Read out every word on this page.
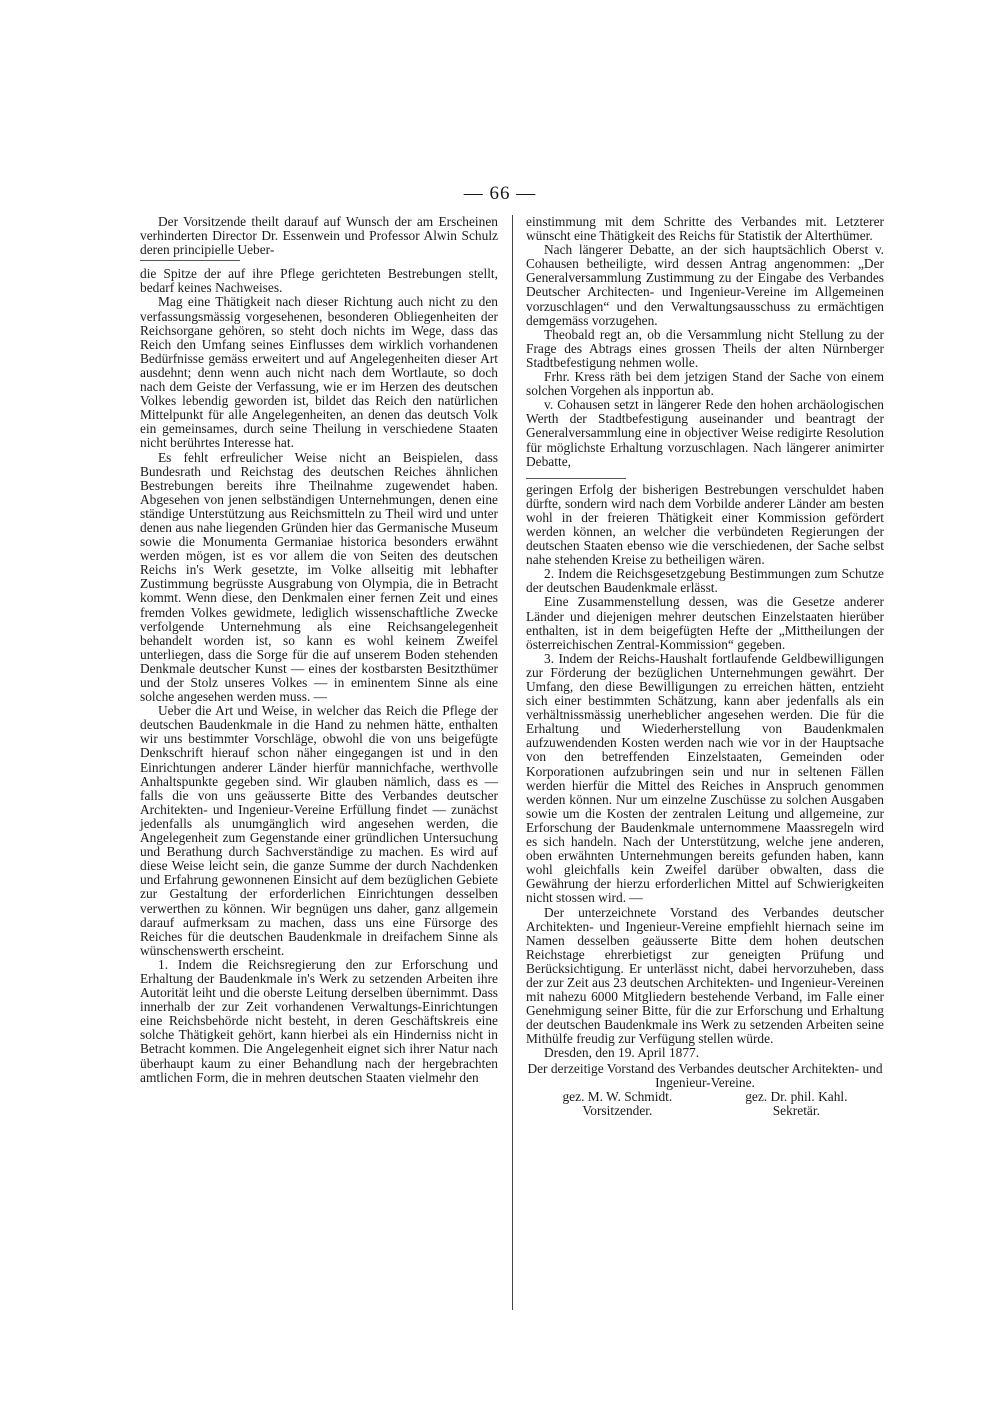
— 66 —

Der Vorsitzende theilt darauf auf Wunsch der am Erscheinen verhinderten Director Dr. Essenwein und Professor Alwin Schulz deren principielle Ueber-

die Spitze der auf ihre Pflege gerichteten Bestrebungen stellt, bedarf keines Nachweises.

Mag eine Thätigkeit nach dieser Richtung auch nicht zu den verfassungsmässig vorgesehenen, besonderen Obliegenheiten der Reichsorgane gehören, so steht doch nichts im Wege, dass das Reich den Umfang seines Einflusses dem wirklich vorhandenen Bedürfnisse gemäss erweitert und auf Angelegenheiten dieser Art ausdehnt; denn wenn auch nicht nach dem Wortlaute, so doch nach dem Geiste der Verfassung, wie er im Herzen des deutschen Volkes lebendig geworden ist, bildet das Reich den natürlichen Mittelpunkt für alle Angelegenheiten, an denen das deutsch Volk ein gemeinsames, durch seine Theilung in verschiedene Staaten nicht berührtes Interesse hat.

Es fehlt erfreulicher Weise nicht an Beispielen, dass Bundesrath und Reichstag des deutschen Reiches ähnlichen Bestrebungen bereits ihre Theilnahme zugewendet haben. Abgesehen von jenen selbständigen Unternehmungen, denen eine ständige Unterstützung aus Reichsmitteln zu Theil wird und unter denen aus nahe liegenden Gründen hier das Germanische Museum sowie die Monumenta Germaniae historica besonders erwähnt werden mögen, ist es vor allem die von Seiten des deutschen Reichs in's Werk gesetzte, im Volke allseitig mit lebhafter Zustimmung begrüsste Ausgrabung von Olympia, die in Betracht kommt. Wenn diese, den Denkmalen einer fernen Zeit und eines fremden Volkes gewidmete, lediglich wissenschaftliche Zwecke verfolgende Unternehmung als eine Reichsangelegenheit behandelt worden ist, so kann es wohl keinem Zweifel unterliegen, dass die Sorge für die auf unserem Boden stehenden Denkmale deutscher Kunst — eines der kostbarsten Besitzthümer und der Stolz unseres Volkes — in eminentem Sinne als eine solche angesehen werden muss. —

Ueber die Art und Weise, in welcher das Reich die Pflege der deutschen Baudenkmale in die Hand zu nehmen hätte, enthalten wir uns bestimmter Vorschläge, obwohl die von uns beigefügte Denkschrift hierauf schon näher eingegangen ist und in den Einrichtungen anderer Länder hierfür mannichfache, werthvolle Anhaltspunkte gegeben sind. Wir glauben nämlich, dass es — falls die von uns geäusserte Bitte des Verbandes deutscher Architekten- und Ingenieur-Vereine Erfüllung findet — zunächst jedenfalls als unumgänglich wird angesehen werden, die Angelegenheit zum Gegenstande einer gründlichen Untersuchung und Berathung durch Sachverständige zu machen. Es wird auf diese Weise leicht sein, die ganze Summe der durch Nachdenken und Erfahrung gewonnenen Einsicht auf dem bezüglichen Gebiete zur Gestaltung der erforderlichen Einrichtungen desselben verwerthen zu können. Wir begnügen uns daher, ganz allgemein darauf aufmerksam zu machen, dass uns eine Fürsorge des Reiches für die deutschen Baudenkmale in dreifachem Sinne als wünschenswerth erscheint.

1. Indem die Reichsregierung den zur Erforschung und Erhaltung der Baudenkmale in's Werk zu setzenden Arbeiten ihre Autorität leiht und die oberste Leitung derselben übernimmt. Dass innerhalb der zur Zeit vorhandenen Verwaltungs-Einrichtungen eine Reichsbehörde nicht besteht, in deren Geschäftskreis eine solche Thätigkeit gehört, kann hierbei als ein Hinderniss nicht in Betracht kommen. Die Angelegenheit eignet sich ihrer Natur nach überhaupt kaum zu einer Behandlung nach der hergebrachten amtlichen Form, die in mehren deutschen Staaten vielmehr den

einstimmung mit dem Schritte des Verbandes mit. Letzterer wünscht eine Thätigkeit des Reichs für Statistik der Alterthümer.

Nach längerer Debatte, an der sich hauptsächlich Oberst v. Cohausen betheiligte, wird dessen Antrag angenommen: „Der Generalversammlung Zustimmung zu der Eingabe des Verbandes Deutscher Architecten- und Ingenieur-Vereine im Allgemeinen vorzuschlagen“ und den Verwaltungsausschuss zu ermächtigen demgemäss vorzugehen.

Theobald regt an, ob die Versammlung nicht Stellung zu der Frage des Abtrags eines grossen Theils der alten Nürnberger Stadtbefestigung nehmen wolle.

Frhr. Kress räth bei dem jetzigen Stand der Sache von einem solchen Vorgehen als inpportun ab.

v. Cohausen setzt in längerer Rede den hohen archäologischen Werth der Stadtbefestigung auseinander und beantragt der Generalversammlung eine in objectiver Weise redigirte Resolution für möglichste Erhaltung vorzuschlagen. Nach längerer animirter Debatte,

geringen Erfolg der bisherigen Bestrebungen verschuldet haben dürfte, sondern wird nach dem Vorbilde anderer Länder am besten wohl in der freieren Thätigkeit einer Kommission gefördert werden können, an welcher die verbündeten Regierungen der deutschen Staaten ebenso wie die verschiedenen, der Sache selbst nahe stehenden Kreise zu betheiligen wären.

2. Indem die Reichsgesetzgebung Bestimmungen zum Schutze der deutschen Baudenkmale erlässt.

Eine Zusammenstellung dessen, was die Gesetze anderer Länder und diejenigen mehrer deutschen Einzelstaaten hierüber enthalten, ist in dem beigefügten Hefte der „Mittheilungen der österreichischen Zentral-Kommission“ gegeben.

3. Indem der Reichs-Haushalt fortlaufende Geldbewilligungen zur Förderung der bezüglichen Unternehmungen gewährt. Der Umfang, den diese Bewilligungen zu erreichen hätten, entzieht sich einer bestimmten Schätzung, kann aber jedenfalls als ein verhältnissmässig unerheblicher angesehen werden. Die für die Erhaltung und Wiederherstellung von Baudenkmalen aufzuwendenden Kosten werden nach wie vor in der Hauptsache von den betreffenden Einzelstaaten, Gemeinden oder Korporationen aufzubringen sein und nur in seltenen Fällen werden hierfür die Mittel des Reiches in Anspruch genommen werden können. Nur um einzelne Zuschüsse zu solchen Ausgaben sowie um die Kosten der zentralen Leitung und allgemeine, zur Erforschung der Baudenkmale unternommene Maassregeln wird es sich handeln. Nach der Unterstützung, welche jene anderen, oben erwähnten Unternehmungen bereits gefunden haben, kann wohl gleichfalls kein Zweifel darüber obwalten, dass die Gewährung der hierzu erforderlichen Mittel auf Schwierigkeiten nicht stossen wird. —

Der unterzeichnete Vorstand des Verbandes deutscher Architekten- und Ingenieur-Vereine empfiehlt hiernach seine im Namen desselben geäusserte Bitte dem hohen deutschen Reichstage ehrerbietigst zur geneigten Prüfung und Berücksichtigung. Er unterlässt nicht, dabei hervorzuheben, dass der zur Zeit aus 23 deutschen Architekten- und Ingenieur-Vereinen mit nahezu 6000 Mitgliedern bestehende Verband, im Falle einer Genehmigung seiner Bitte, für die zur Erforschung und Erhaltung der deutschen Baudenkmale ins Werk zu setzenden Arbeiten seine Mithülfe freudig zur Verfügung stellen würde.

Dresden, den 19. April 1877.

Der derzeitige Vorstand des Verbandes deutscher Architekten- und Ingenieur-Vereine.

gez. M. W. Schmidt.
Vorsitzender.
gez. Dr. phil. Kahl.
Sekretär.
